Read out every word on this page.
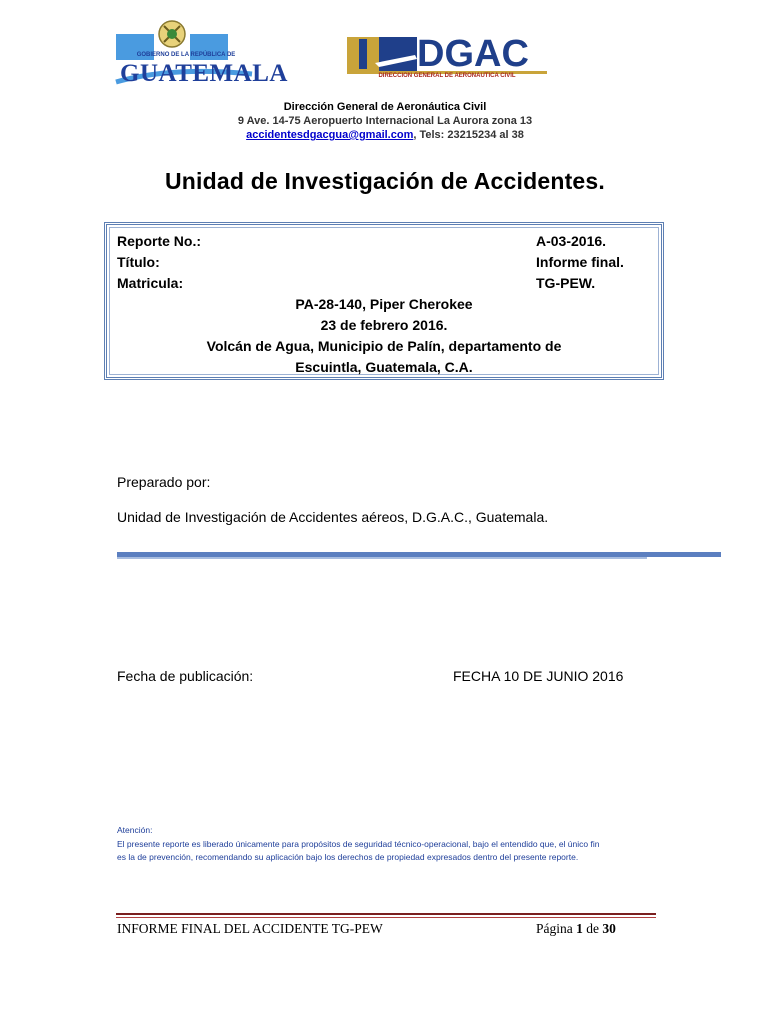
GOBIERNO DE LA REPÚBLICA DE
GUATEMALA	DGAC
DIRECCION GENERAL DE AERONAUTICA CIVIL
Dirección General de Aeronáutica Civil
9 Ave. 14-75 Aeropuerto Internacional La Aurora zona 13
accidentesdgacgua@gmail.com, Tels: 23215234 al 38
Unidad de Investigación de Accidentes.
Reporte No.:	A-03-2016.
Título:	Informe final.
Matricula:	TG-PEW.
PA-28-140, Piper Cherokee
23 de febrero 2016.
Volcán de Agua, Municipio de Palín, departamento de
Escuintla, Guatemala, C.A.
Preparado por:
Unidad de Investigación de Accidentes aéreos, D.G.A.C., Guatemala.
Fecha de publicación:	FECHA 10 DE JUNIO 2016
Atención:
El presente reporte es liberado únicamente para propósitos de seguridad técnico-operacional, bajo el entendido que, el único fin
es la de prevención, recomendando su aplicación bajo los derechos de propiedad expresados dentro del presente reporte.
INFORME FINAL DEL ACCIDENTE TG-PEW	Página 1 de 30
